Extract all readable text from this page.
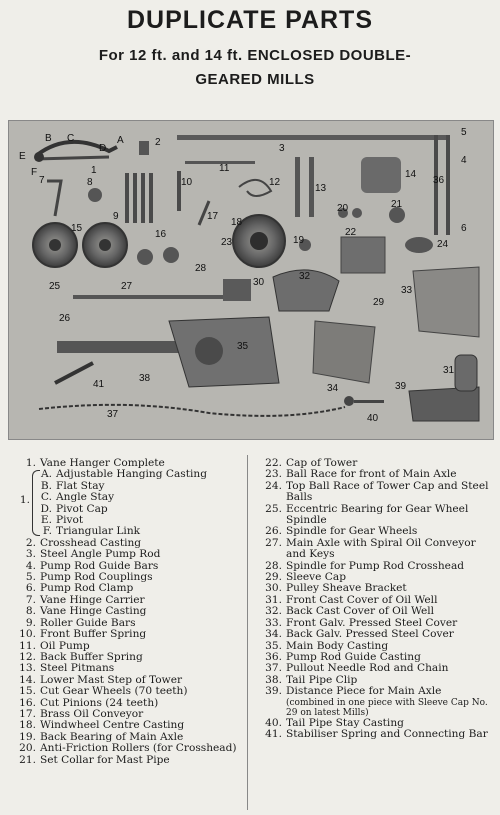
DUPLICATE PARTS
For 12 ft. and 14 ft. ENCLOSED DOUBLE-
GEARED MILLS
B
D
C	A
E
F	1
2
3
4
5
6
7	8
9
10
11
12
13
14
15
16
17
18
19
20	21
22
23	24
25
26
27
28
29
30
31
32
33
34
35
36
37
38
39
40
41
1. Vane Hanger Complete
1.
A. Adjustable Hanging Casting
B. Flat Stay
C. Angle Stay
D. Pivot Cap
E. Pivot
F. Triangular Link
2. Crosshead Casting
3. Steel Angle Pump Rod
4. Pump Rod Guide Bars
5. Pump Rod Couplings
6. Pump Rod Clamp
7. Vane Hinge Carrier
8. Vane Hinge Casting
9. Roller Guide Bars
10. Front Buffer Spring
11. Oil Pump
12. Back Buffer Spring
13. Steel Pitmans
14. Lower Mast Step of Tower
15. Cut Gear Wheels (70 teeth)
16. Cut Pinions (24 teeth)
17. Brass Oil Conveyor
18. Windwheel Centre Casting
19. Back Bearing of Main Axle
20. Anti-Friction Rollers (for Crosshead)
21. Set Collar for Mast Pipe
22. Cap of Tower
23. Ball Race for front of Main Axle
24. Top Ball Race of Tower Cap and Steel Balls
25. Eccentric Bearing for Gear Wheel Spindle
26. Spindle for Gear Wheels
27. Main Axle with Spiral Oil Conveyor and Keys
28. Spindle for Pump Rod Crosshead
29. Sleeve Cap
30. Pulley Sheave Bracket
31. Front Cast Cover of Oil Well
32. Back Cast Cover of Oil Well
33. Front Galv. Pressed Steel Cover
34. Back Galv. Pressed Steel Cover
35. Main Body Casting
36. Pump Rod Guide Casting
37. Pullout Needle Rod and Chain
38. Tail Pipe Clip
39. Distance Piece for Main Axle
(combined in one piece with Sleeve Cap No. 29 on latest Mills)
40. Tail Pipe Stay Casting
41. Stabiliser Spring and Connecting Bar
